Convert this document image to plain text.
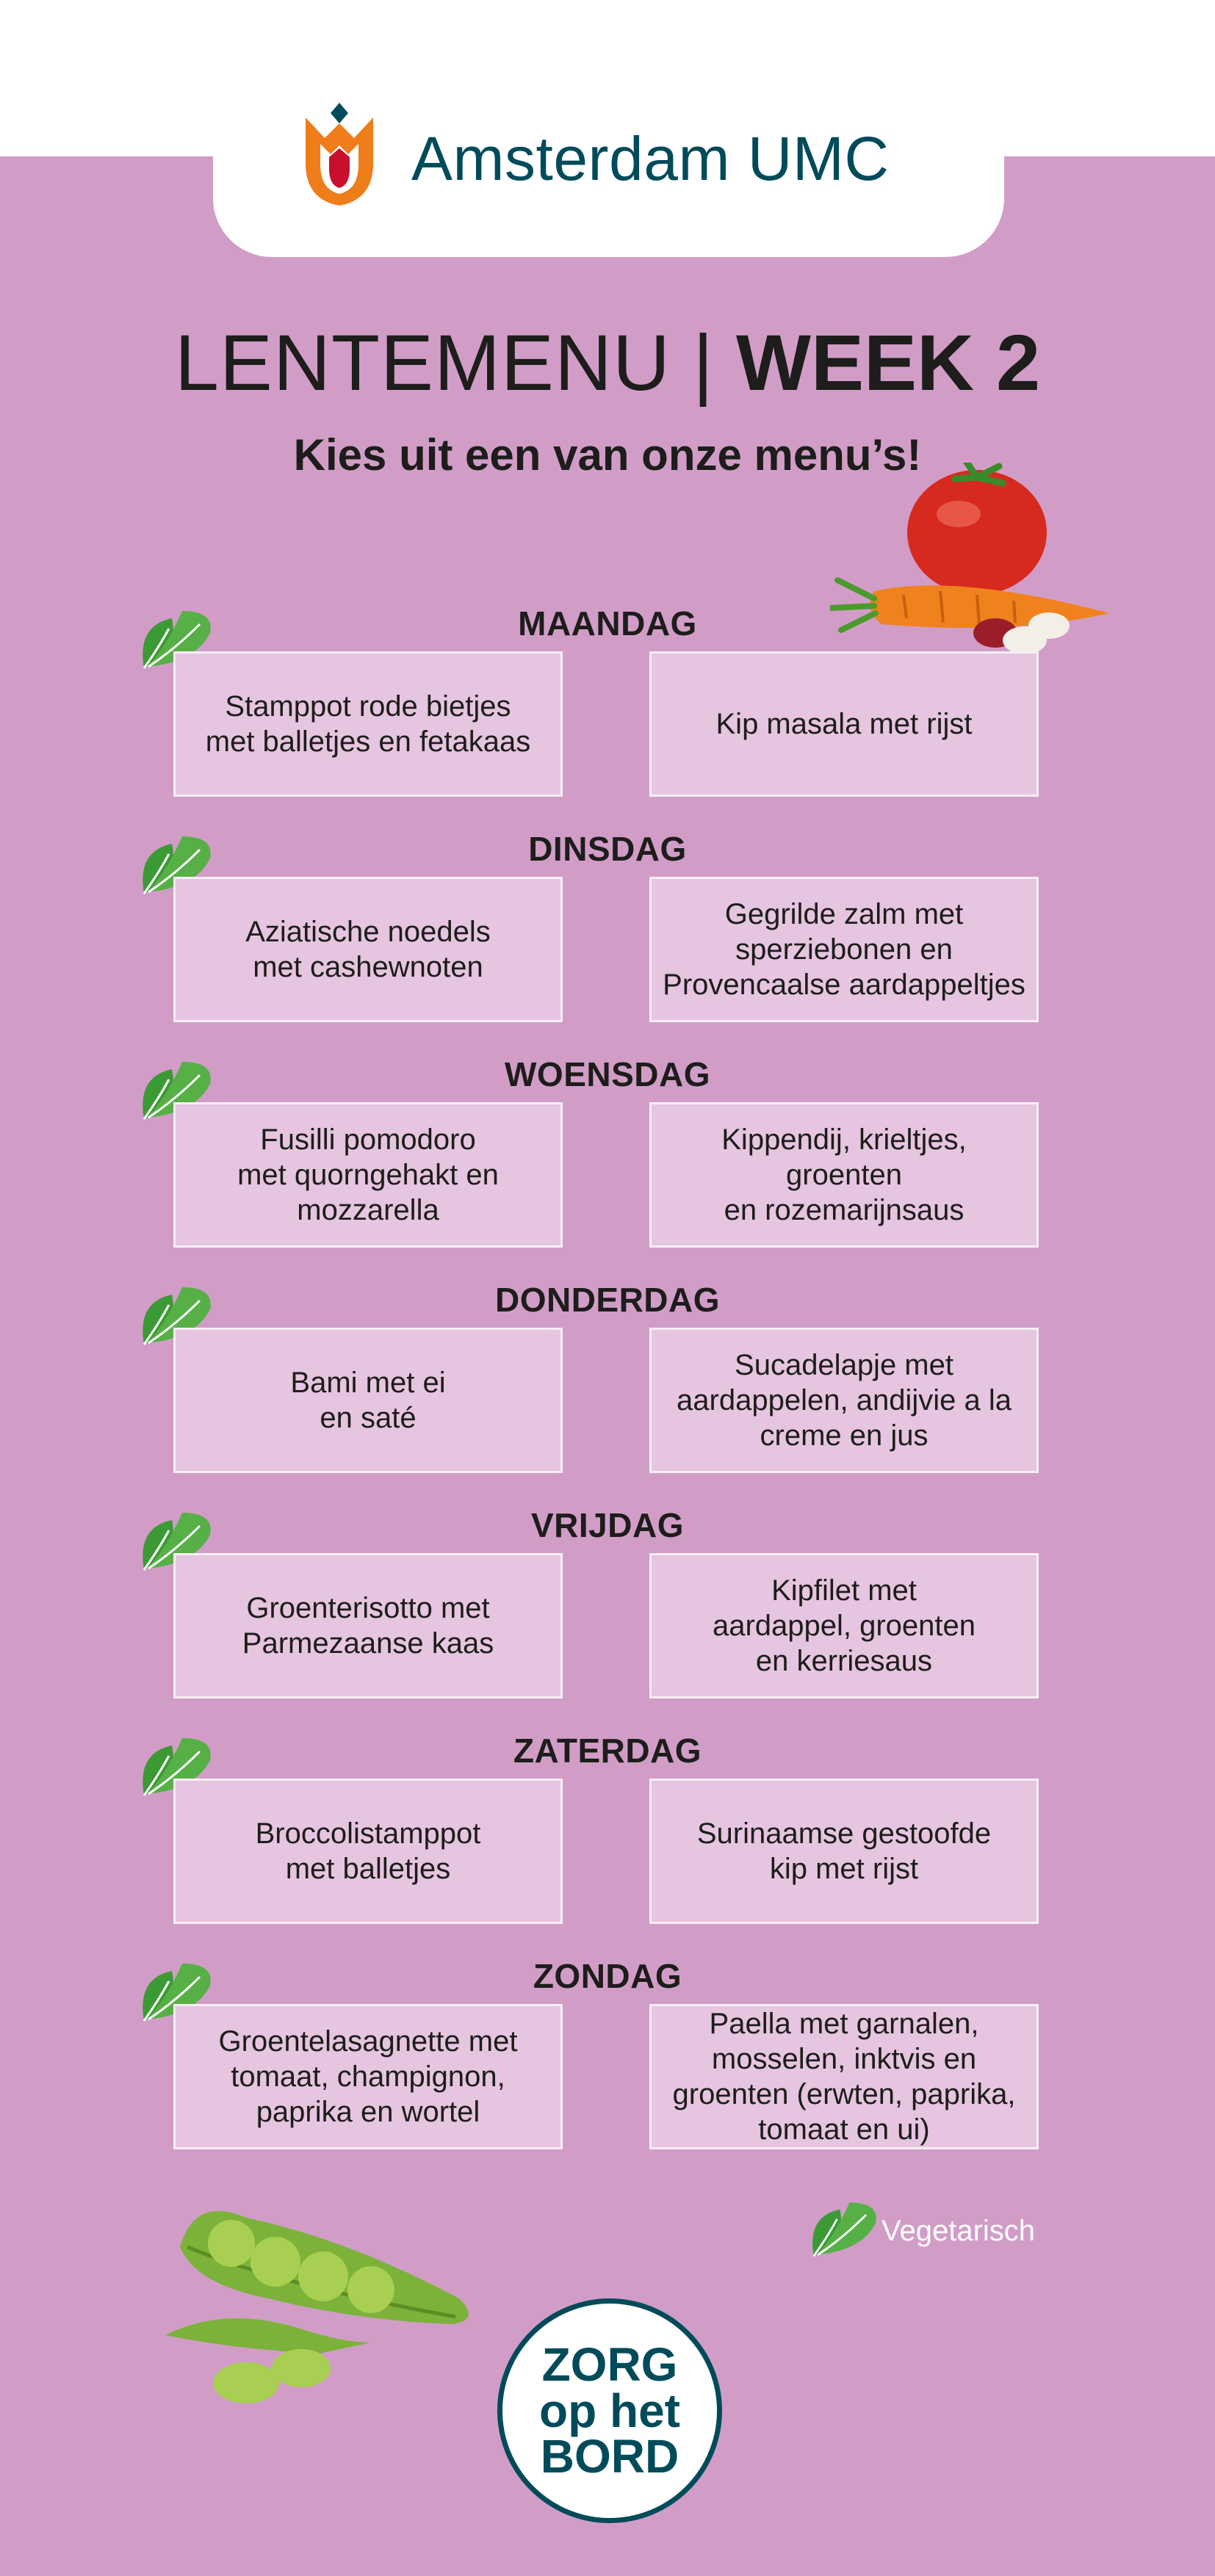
Amsterdam UMC
LENTEMENU | WEEK 2
Kies uit een van onze menu’s!
MAANDAG
Stamppot rode bietjes
met balletjes en fetakaas
Kip masala met rijst
DINSDAG
Aziatische noedels
met cashewnoten
Gegrilde zalm met
sperziebonen en
Provencaalse aardappeltjes
WOENSDAG
Fusilli pomodoro
met quorngehakt en
mozzarella
Kippendij, krieltjes,
groenten
en rozemarijnsaus
DONDERDAG
Bami met ei
en saté
Sucadelapje met
aardappelen, andijvie a la
creme en jus
VRIJDAG
Groenterisotto met
Parmezaanse kaas
Kipfilet met
aardappel, groenten
en kerriesaus
ZATERDAG
Broccolistamppot
met balletjes
Surinaamse gestoofde
kip met rijst
ZONDAG
Groentelasagnette met
tomaat, champignon,
paprika en wortel
Paella met garnalen,
mosselen, inktvis en
groenten (erwten, paprika,
tomaat en ui)
Vegetarisch
ZORG
op het
BORD
